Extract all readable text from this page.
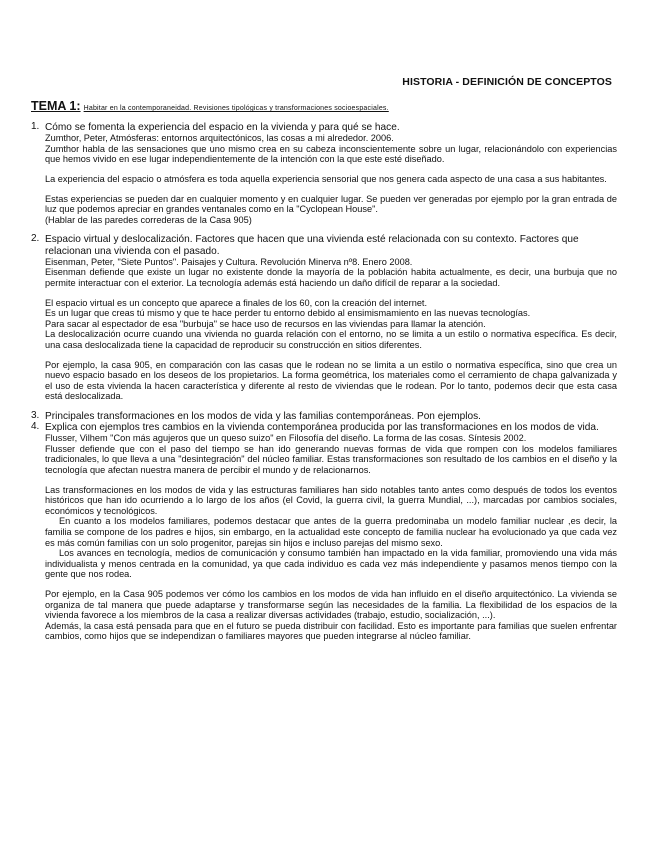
HISTORIA - DEFINICIÓN DE CONCEPTOS
TEMA 1: Habitar en la contemporaneidad. Revisiones tipológicas y transformaciones socioespaciales.
1. Cómo se fomenta la experiencia del espacio en la vivienda y para qué se hace.

Zumthor, Peter, Atmósferas: entornos arquitectónicos, las cosas a mi alrededor. 2006.

Zumthor habla de las sensaciones que uno mismo crea en su cabeza inconscientemente sobre un lugar, relacionándolo con experiencias que hemos vivido en ese lugar independientemente de la intención con la que este esté diseñado.

La experiencia del espacio o atmósfera es toda aquella experiencia sensorial que nos genera cada aspecto de una casa a sus habitantes.

Estas experiencias se pueden dar en cualquier momento y en cualquier lugar. Se pueden ver generadas por ejemplo por la gran entrada de luz que podemos apreciar en grandes ventanales como en la "Cyclopean House".

(Hablar de las paredes correderas de la Casa 905)

2. Espacio virtual y deslocalización. Factores que hacen que una vivienda esté relacionada con su contexto. Factores que relacionan una vivienda con el pasado.

Eisenman, Peter, "Siete Puntos". Paisajes y Cultura. Revolución Minerva nº8. Enero 2008.

Eisenman defiende que existe un lugar no existente donde la mayoría de la población habita actualmente, es decir, una burbuja que no permite interactuar con el exterior. La tecnología además está haciendo un daño difícil de reparar a la sociedad.

El espacio virtual es un concepto que aparece a finales de los 60, con la creación del internet.

Es un lugar que creas tú mismo y que te hace perder tu entorno debido al ensimismamiento en las nuevas tecnologías.

Para sacar al espectador de esa "burbuja" se hace uso de recursos en las viviendas para llamar la atención.

La deslocalización ocurre cuando una vivienda no guarda relación con el entorno, no se limita a un estilo o normativa específica. Es decir, una casa deslocalizada tiene la capacidad de reproducir su construcción en sitios diferentes.

Por ejemplo, la casa 905, en comparación con las casas que le rodean no se limita a un estilo o normativa específica, sino que crea un nuevo espacio basado en los deseos de los propietarios. La forma geométrica, los materiales como el cerramiento de chapa galvanizada y el uso de esta vivienda la hacen característica y diferente al resto de viviendas que le rodean. Por lo tanto, podemos decir que esta casa está deslocalizada.

3. Principales transformaciones en los modos de vida y las familias contemporáneas. Pon ejemplos.

4. Explica con ejemplos tres cambios en la vivienda contemporánea producida por las transformaciones en los modos de vida.

Flusser, Vilhem "Con más agujeros que un queso suizo" en Filosofía del diseño. La forma de las cosas. Síntesis 2002.

Flusser defiende que con el paso del tiempo se han ido generando nuevas formas de vida que rompen con los modelos familiares tradicionales, lo que lleva a una "desintegración" del núcleo familiar. Estas transformaciones son resultado de los cambios en el diseño y la tecnología que afectan nuestra manera de percibir el mundo y de relacionarnos.

Las transformaciones en los modos de vida y las estructuras familiares han sido notables tanto antes como después de todos los eventos históricos que han ido ocurriendo a lo largo de los años (el Covid, la guerra civil, la guerra Mundial, ...), marcadas por cambios sociales, económicos y tecnológicos.

En cuanto a los modelos familiares, podemos destacar que antes de la guerra predominaba un modelo familiar nuclear ,es decir, la familia se compone de los padres e hijos, sin embargo, en la actualidad este concepto de familia nuclear ha evolucionado ya que cada vez es más común familias con un solo progenitor, parejas sin hijos e incluso parejas del mismo sexo.

Los avances en tecnología, medios de comunicación y consumo también han impactado en la vida familiar, promoviendo una vida más individualista y menos centrada en la comunidad, ya que cada individuo es cada vez más independiente y pasamos menos tiempo con la gente que nos rodea.

Por ejemplo, en la Casa 905 podemos ver cómo los cambios en los modos de vida han influido en el diseño arquitectónico. La vivienda se organiza de tal manera que puede adaptarse y transformarse según las necesidades de la familia. La flexibilidad de los espacios de la vivienda favorece a los miembros de la casa a realizar diversas actividades (trabajo, estudio, socialización, ...).

Además, la casa está pensada para que en el futuro se pueda distribuir con facilidad. Esto es importante para familias que suelen enfrentar cambios, como hijos que se independizan o familiares mayores que pueden integrarse al núcleo familiar.
